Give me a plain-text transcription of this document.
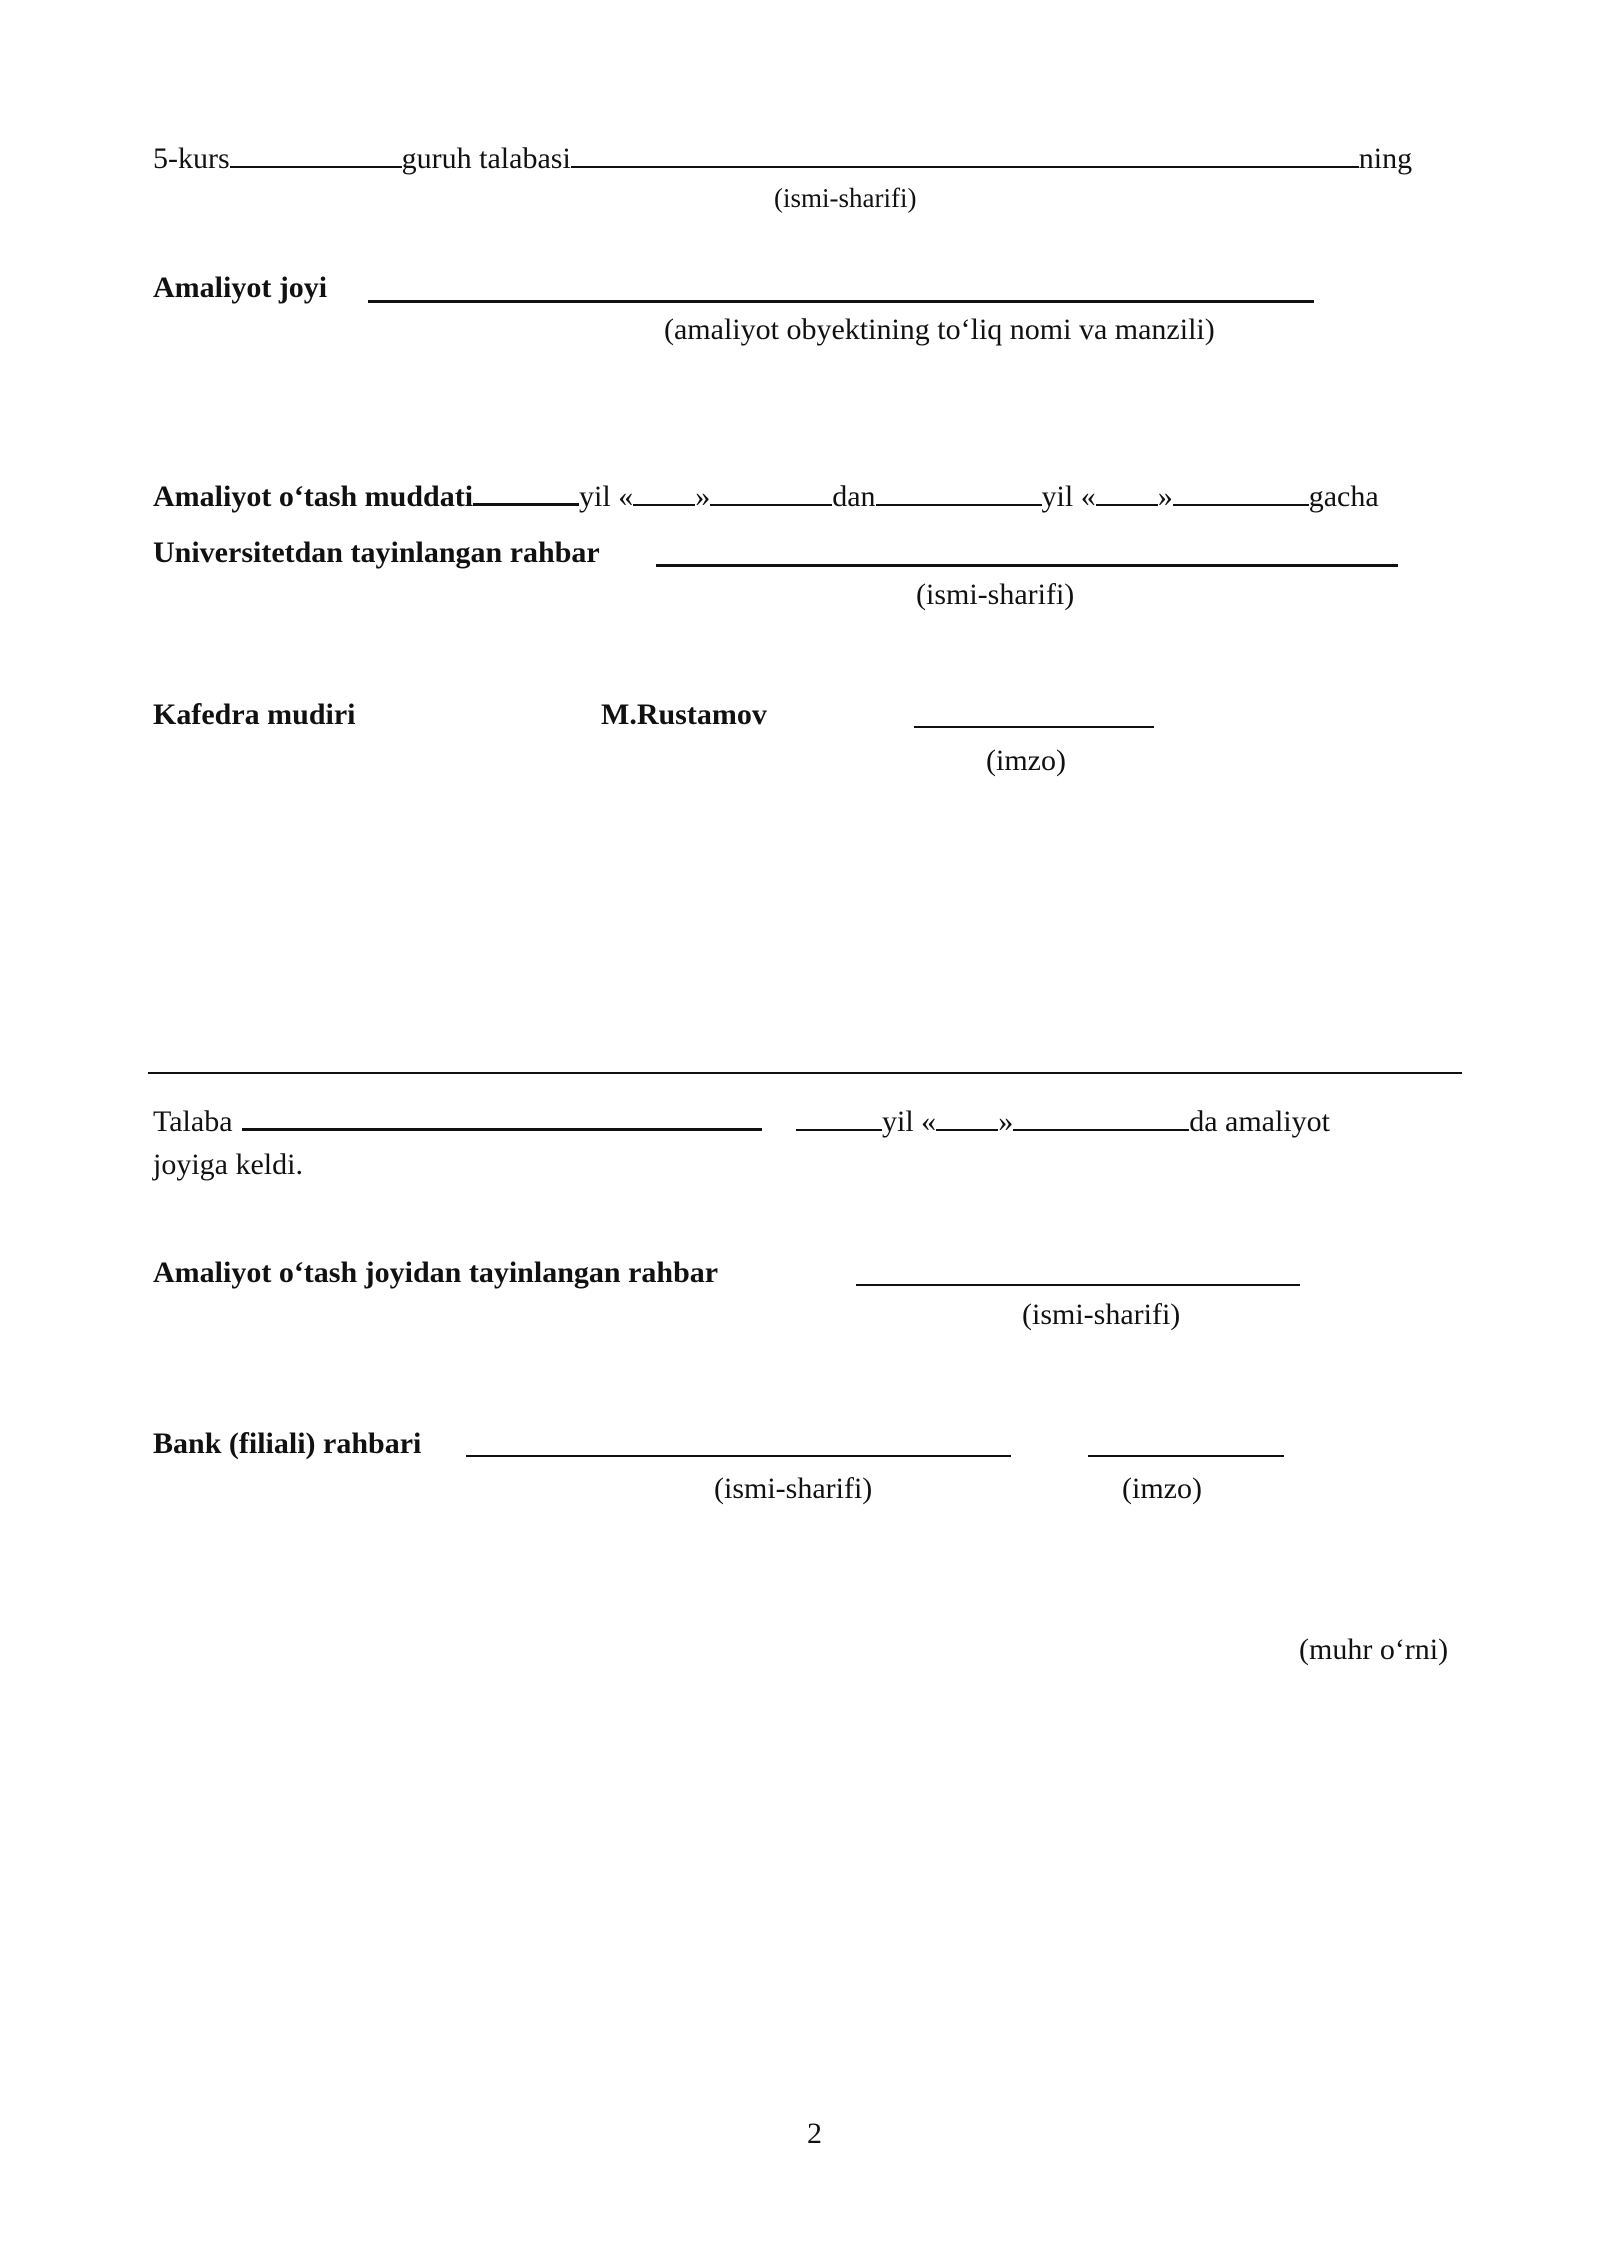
5-kurs	guruh talabasi	ning
(ismi-sharifi)
Amaliyot joyi
(amaliyot obyektining to‘liq nomi va manzili)
Amaliyot o‘tash muddati	yil « »	dan	yil « »	gacha
Universitetdan tayinlangan rahbar
(ismi-sharifi)
Kafedra mudiri	M.Rustamov
(imzo)
Talaba	yil « »	da amaliyot
joyiga keldi.
Amaliyot o‘tash joyidan tayinlangan rahbar
(ismi-sharifi)
Bank (filiali) rahbari
(ismi-sharifi)	(imzo)
(muhr o‘rni)
2
